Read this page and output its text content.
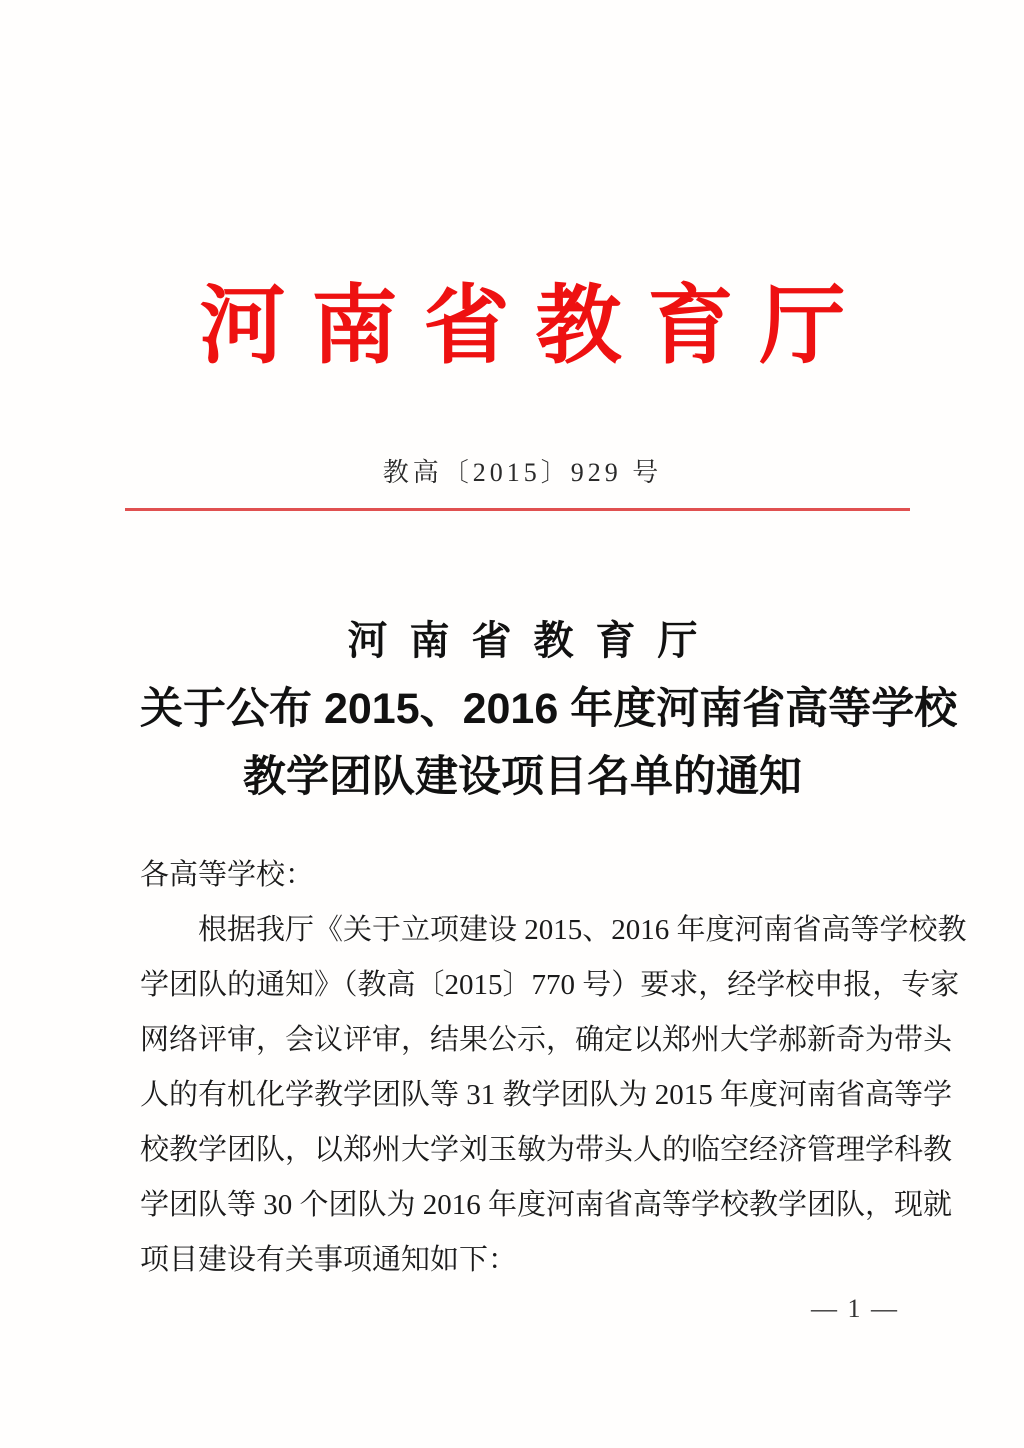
河南省教育厅
教高〔2015〕929 号
河南省教育厅
关于公布 2015、2016 年度河南省高等学校
教学团队建设项目名单的通知
各高等学校：
根据我厅《关于立项建设 2015、2016 年度河南省高等学校教
学团队的通知》（教高〔2015〕770 号）要求，经学校申报，专家
网络评审，会议评审，结果公示，确定以郑州大学郝新奇为带头
人的有机化学教学团队等 31 教学团队为 2015 年度河南省高等学
校教学团队，以郑州大学刘玉敏为带头人的临空经济管理学科教
学团队等 30 个团队为 2016 年度河南省高等学校教学团队，现就
项目建设有关事项通知如下：
— 1 —
